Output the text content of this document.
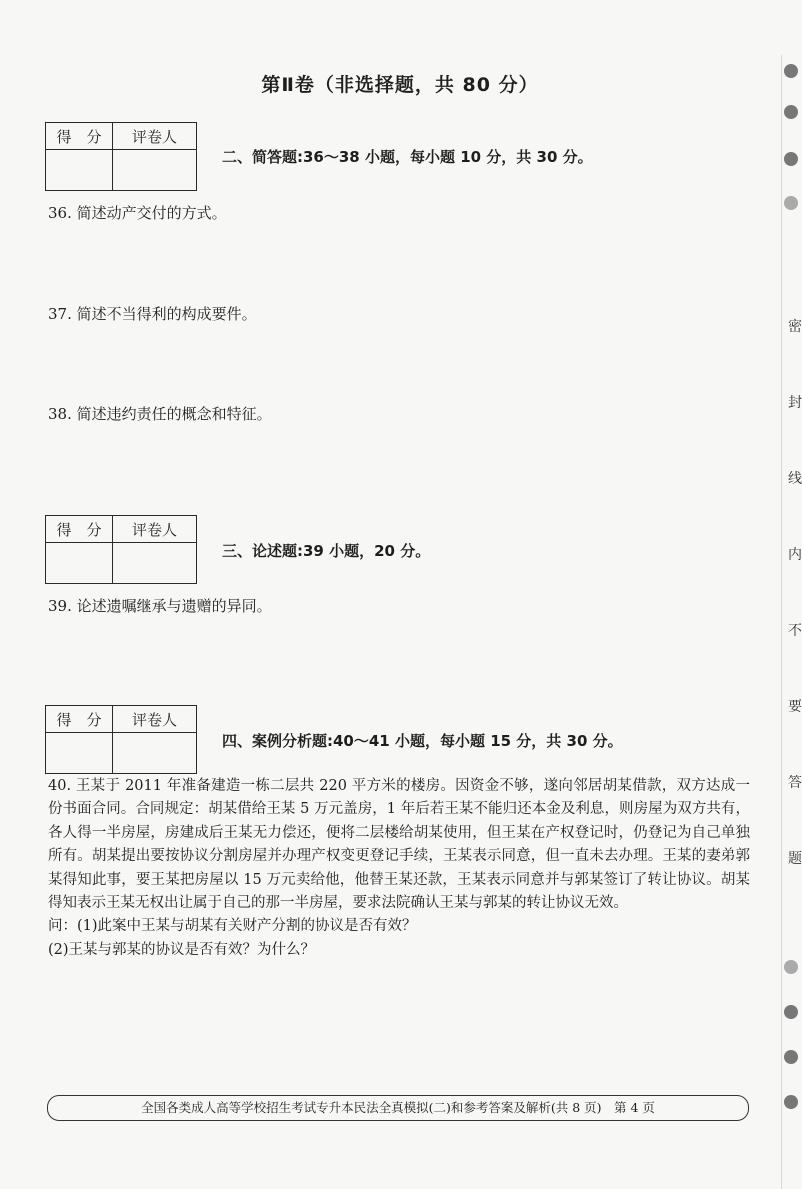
第Ⅱ卷（非选择题，共 80 分）
得　分	评卷人

二、简答题:36～38 小题，每小题 10 分，共 30 分。
36. 简述动产交付的方式。
37. 简述不当得利的构成要件。
38. 简述违约责任的概念和特征。
得　分	评卷人

三、论述题:39 小题，20 分。
39. 论述遗嘱继承与遗赠的异同。
得　分	评卷人

四、案例分析题:40～41 小题，每小题 15 分，共 30 分。

40. 王某于 2011 年准备建造一栋二层共 220 平方米的楼房。因资金不够，遂向邻居胡某借款，双方达成一份书面合同。合同规定：胡某借给王某 5 万元盖房，1 年后若王某不能归还本金及利息，则房屋为双方共有，各人得一半房屋，房建成后王某无力偿还，便将二层楼给胡某使用，但王某在产权登记时，仍登记为自己单独所有。胡某提出要按协议分割房屋并办理产权变更登记手续，王某表示同意，但一直未去办理。王某的妻弟郭某得知此事，要王某把房屋以 15 万元卖给他，他替王某还款，王某表示同意并与郭某签订了转让协议。胡某得知表示王某无权出让属于自己的那一半房屋，要求法院确认王某与郭某的转让协议无效。

问：(1)此案中王某与胡某有关财产分割的协议是否有效？

(2)王某与郭某的协议是否有效？为什么？

全国各类成人高等学校招生考试专升本民法全真模拟(二)和参考答案及解析(共 8 页)　第 4 页
密
封
线
内
不
要
答
题
